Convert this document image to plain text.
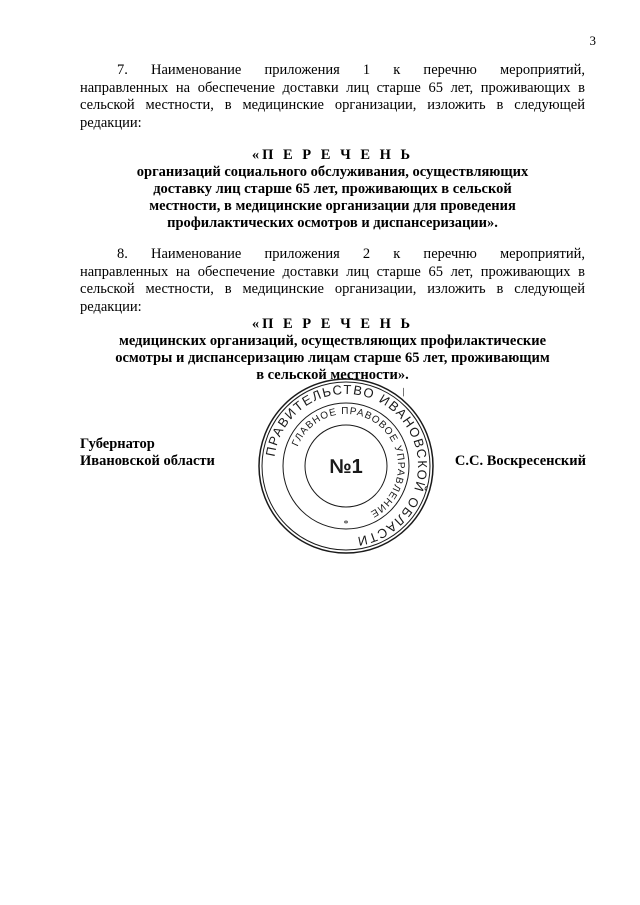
3
7. Наименование приложения 1 к перечню мероприятий,
направленных на обеспечение доставки лиц старше 65 лет, проживающих в сельской местности, в медицинские организации, изложить в следующей редакции:
«П Е Р Е Ч Е Н Ь
организаций социального обслуживания, осуществляющих
доставку лиц старше 65 лет, проживающих в сельской
местности, в медицинские организации для проведения
профилактических осмотров и диспансеризации».
8. Наименование приложения 2 к перечню мероприятий,
направленных на обеспечение доставки лиц старше 65 лет, проживающих в сельской местности, в медицинские организации, изложить в следующей редакции:
«П Е Р Е Ч Е Н Ь
медицинских организаций, осуществляющих профилактические
осмотры и диспансеризацию лицам старше 65 лет, проживающим
в сельской местности».
/
Губернатор
Ивановской области	С.С. Воскресенский
ПРАВИТЕЛЬСТВО ИВАНОВСКОЙ ОБЛАСТИ
ГЛАВНОЕ ПРАВОВОЕ УПРАВЛЕНИЕ
№1
*
